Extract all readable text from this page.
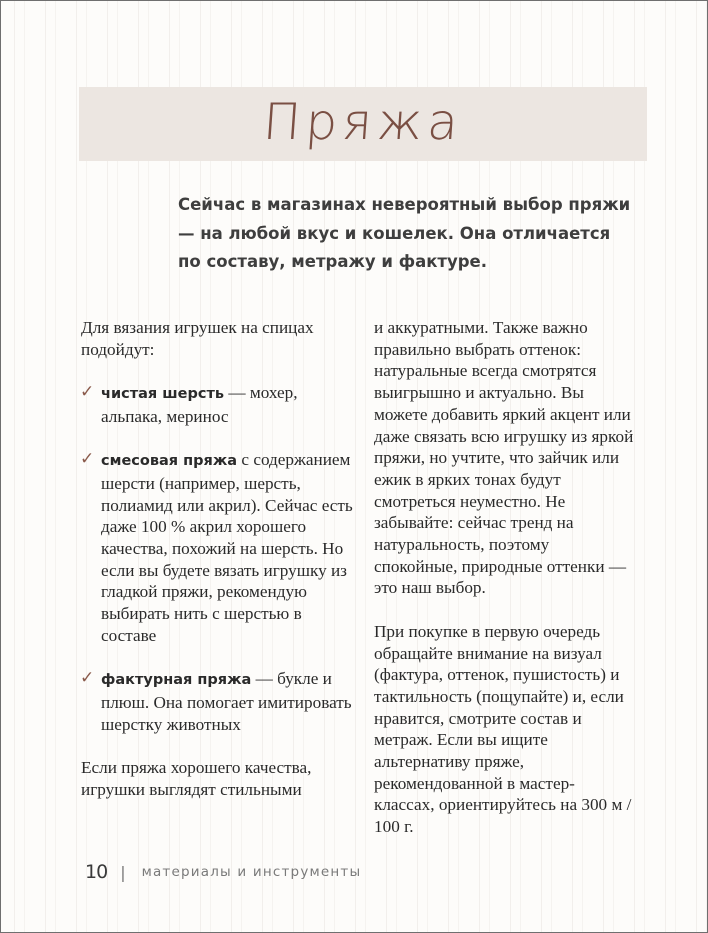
Пряжа
Сейчас в магазинах невероятный выбор пряжи — на любой вкус и кошелек. Она отличается по составу, метражу и фактуре.

Для вязания игрушек на спицах подойдут:

✓ чистая шерсть — мохер, альпака, меринос

✓ смесовая пряжа с содержанием шерсти (например, шерсть, полиамид или акрил). Сейчас есть даже 100 % акрил хорошего качества, похожий на шерсть. Но если вы будете вязать игрушку из гладкой пряжи, рекомендую выбирать нить с шерстью в составе

✓ фактурная пряжа — букле и плюш. Она помогает имитировать шерстку животных

Если пряжа хорошего качества, игрушки выглядят стильными

и аккуратными. Также важно правильно выбрать оттенок: натуральные всегда смотрятся выигрышно и актуально. Вы можете добавить яркий акцент или даже связать всю игрушку из яркой пряжи, но учтите, что зайчик или ежик в ярких тонах будут смотреться неуместно. Не забывайте: сейчас тренд на натуральность, поэтому спокойные, природные оттенки — это наш выбор.

При покупке в первую очередь обращайте внимание на визуал (фактура, оттенок, пушистость) и тактильность (пощупайте) и, если нравится, смотрите состав и метраж. Если вы ищите альтернативу пряже, рекомендованной в мастер-классах, ориентируйтесь на 300 м / 100 г.

10 | материалы и инструменты
